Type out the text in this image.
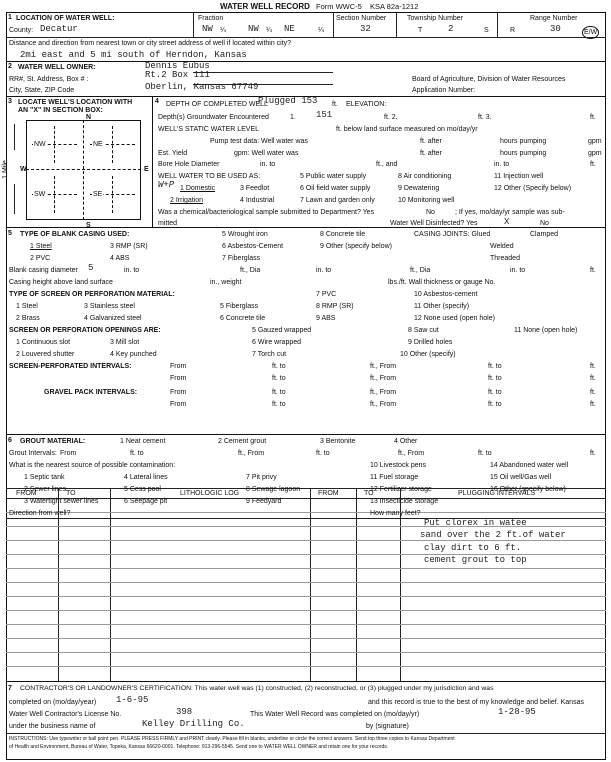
WATER WELL RECORD Form WWC-5 KSA 82a-1212
1 LOCATION OF WATER WELL:
County: Decatur
Fraction
NW ¼ NW ¼ NE	¼
Section Number
32
Township Number
T	2	S
Range Number
R	30	E/W
Distance and direction from nearest town or city street address of well if located within city?
2mi east and 5 mi south of Herndon, Kansas
2 WATER WELL OWNER:	Dennis Eubus
RR#, St. Address, Box # :	Rt.2 Box 111
City, State, ZIP Code	Oberlin, Kansas 67749
Board of Agriculture, Division of Water Resources
Application Number:
3 LOCATE WELL'S LOCATION WITH
AN "X" IN SECTION BOX:
N
S
W	E
NW	NE
SW	SE
1 Mile
4 DEPTH OF COMPLETED WELL
Plugged 153 ft. ELEVATION:
Depth(s) Groundwater Encountered	1. 151	ft. 2.	ft. 3.	ft.
WELL'S STATIC WATER LEVEL	ft. below land surface measured on mo/day/yr
Pump test data: Well water was	ft. after	hours pumping	gpm
Est. Yield	gpm: Well water was	ft. after	hours pumping	gpm
Bore Hole Diameter	in. to	ft., and	in. to	ft.
WELL WATER TO BE USED AS:	5 Public water supply	8 Air conditioning	11 Injection well
W+P 1 Domestic	3 Feedlot	6 Oil field water supply	9 Dewatering	12 Other (Specify below)
2 Irrigation	4 Industrial	7 Lawn and garden only	10 Monitoring well
Was a chemical/bacteriological sample submitted to Department? Yes	No	; If yes, mo/day/yr sample was sub-
mitted	Water Well Disinfected? Yes	X	No
5 TYPE OF BLANK CASING USED:	5 Wrought iron	8 Concrete tile	CASING JOINTS: Glued	Clamped
1 Steel	3 RMP (SR)	6 Asbestos-Cement	9 Other (specify below)	Welded
2 PVC	4 ABS	7 Fiberglass	Threaded
Blank casing diameter 5	in. to	ft., Dia	in. to	ft., Dia	in. to	ft.
Casing height above land surface	in., weight	lbs./ft. Wall thickness or gauge No.
TYPE OF SCREEN OR PERFORATION MATERIAL:	7 PVC	10 Asbestos-cement
1 Steel	3 Stainless steel	5 Fiberglass	8 RMP (SR)	11 Other (specify)
2 Brass	4 Galvanized steel	6 Concrete tile	9 ABS	12 None used (open hole)
SCREEN OR PERFORATION OPENINGS ARE:	5 Gauzed wrapped	8 Saw cut	11 None (open hole)
1 Continuous slot	3 Mill slot	6 Wire wrapped	9 Drilled holes
2 Louvered shutter	4 Key punched	7 Torch cut	10 Other (specify)
SCREEN-PERFORATED INTERVALS:	From	ft. to	ft., From	ft. to	ft.
From	ft. to	ft., From	ft. to	ft.
GRAVEL PACK INTERVALS:	From	ft. to	ft., From	ft. to	ft.
From	ft. to	ft., From	ft. to	ft.
6 GROUT MATERIAL:	1 Neat cement	2 Cement grout	3 Bentonite	4 Other
Grout Intervals: From	ft. to	ft., From	ft. to	ft., From	ft. to	ft.
What is the nearest source of possible contamination:	10 Livestock pens	14 Abandoned water well
1 Septic tank	4 Lateral lines	7 Pit privy	11 Fuel storage	15 Oil well/Gas well
2 Sewer lines	5 Cess pool	8 Sewage lagoon	12 Fertilizer storage	16 Other (specify below)
3 Watertight sewer lines	6 Seepage pit	9 Feedyard	13 Insecticide storage
Direction from well?	How many feet?
FROM	TO	LITHOLOGIC LOG	FROM	TO	PLUGGING INTERVALS
Put clorex in watee
sand over the 2 ft.of water
clay dirt to 6 ft.
cement grout to top
7 CONTRACTOR'S OR LANDOWNER'S CERTIFICATION: This water well was (1) constructed, (2) reconstructed, or (3) plugged under my jurisdiction and was
completed on (mo/day/year) 1-6-95	and this record is true to the best of my knowledge and belief. Kansas
Water Well Contractor's License No.	398	This Water Well Record was completed on (mo/day/yr)	1-28-95
under the business name of	Kelley Drilling Co.	by (signature)
INSTRUCTIONS: Use typewriter or ball point pen. PLEASE PRESS FIRMLY and PRINT clearly. Please fill in blanks, underline or circle the correct answers. Send top three copies to Kansas Department
of Health and Environment, Bureau of Water, Topeka, Kansas 66620-0001. Telephone: 913-296-5545. Send one to WATER WELL OWNER and retain one for your records.
